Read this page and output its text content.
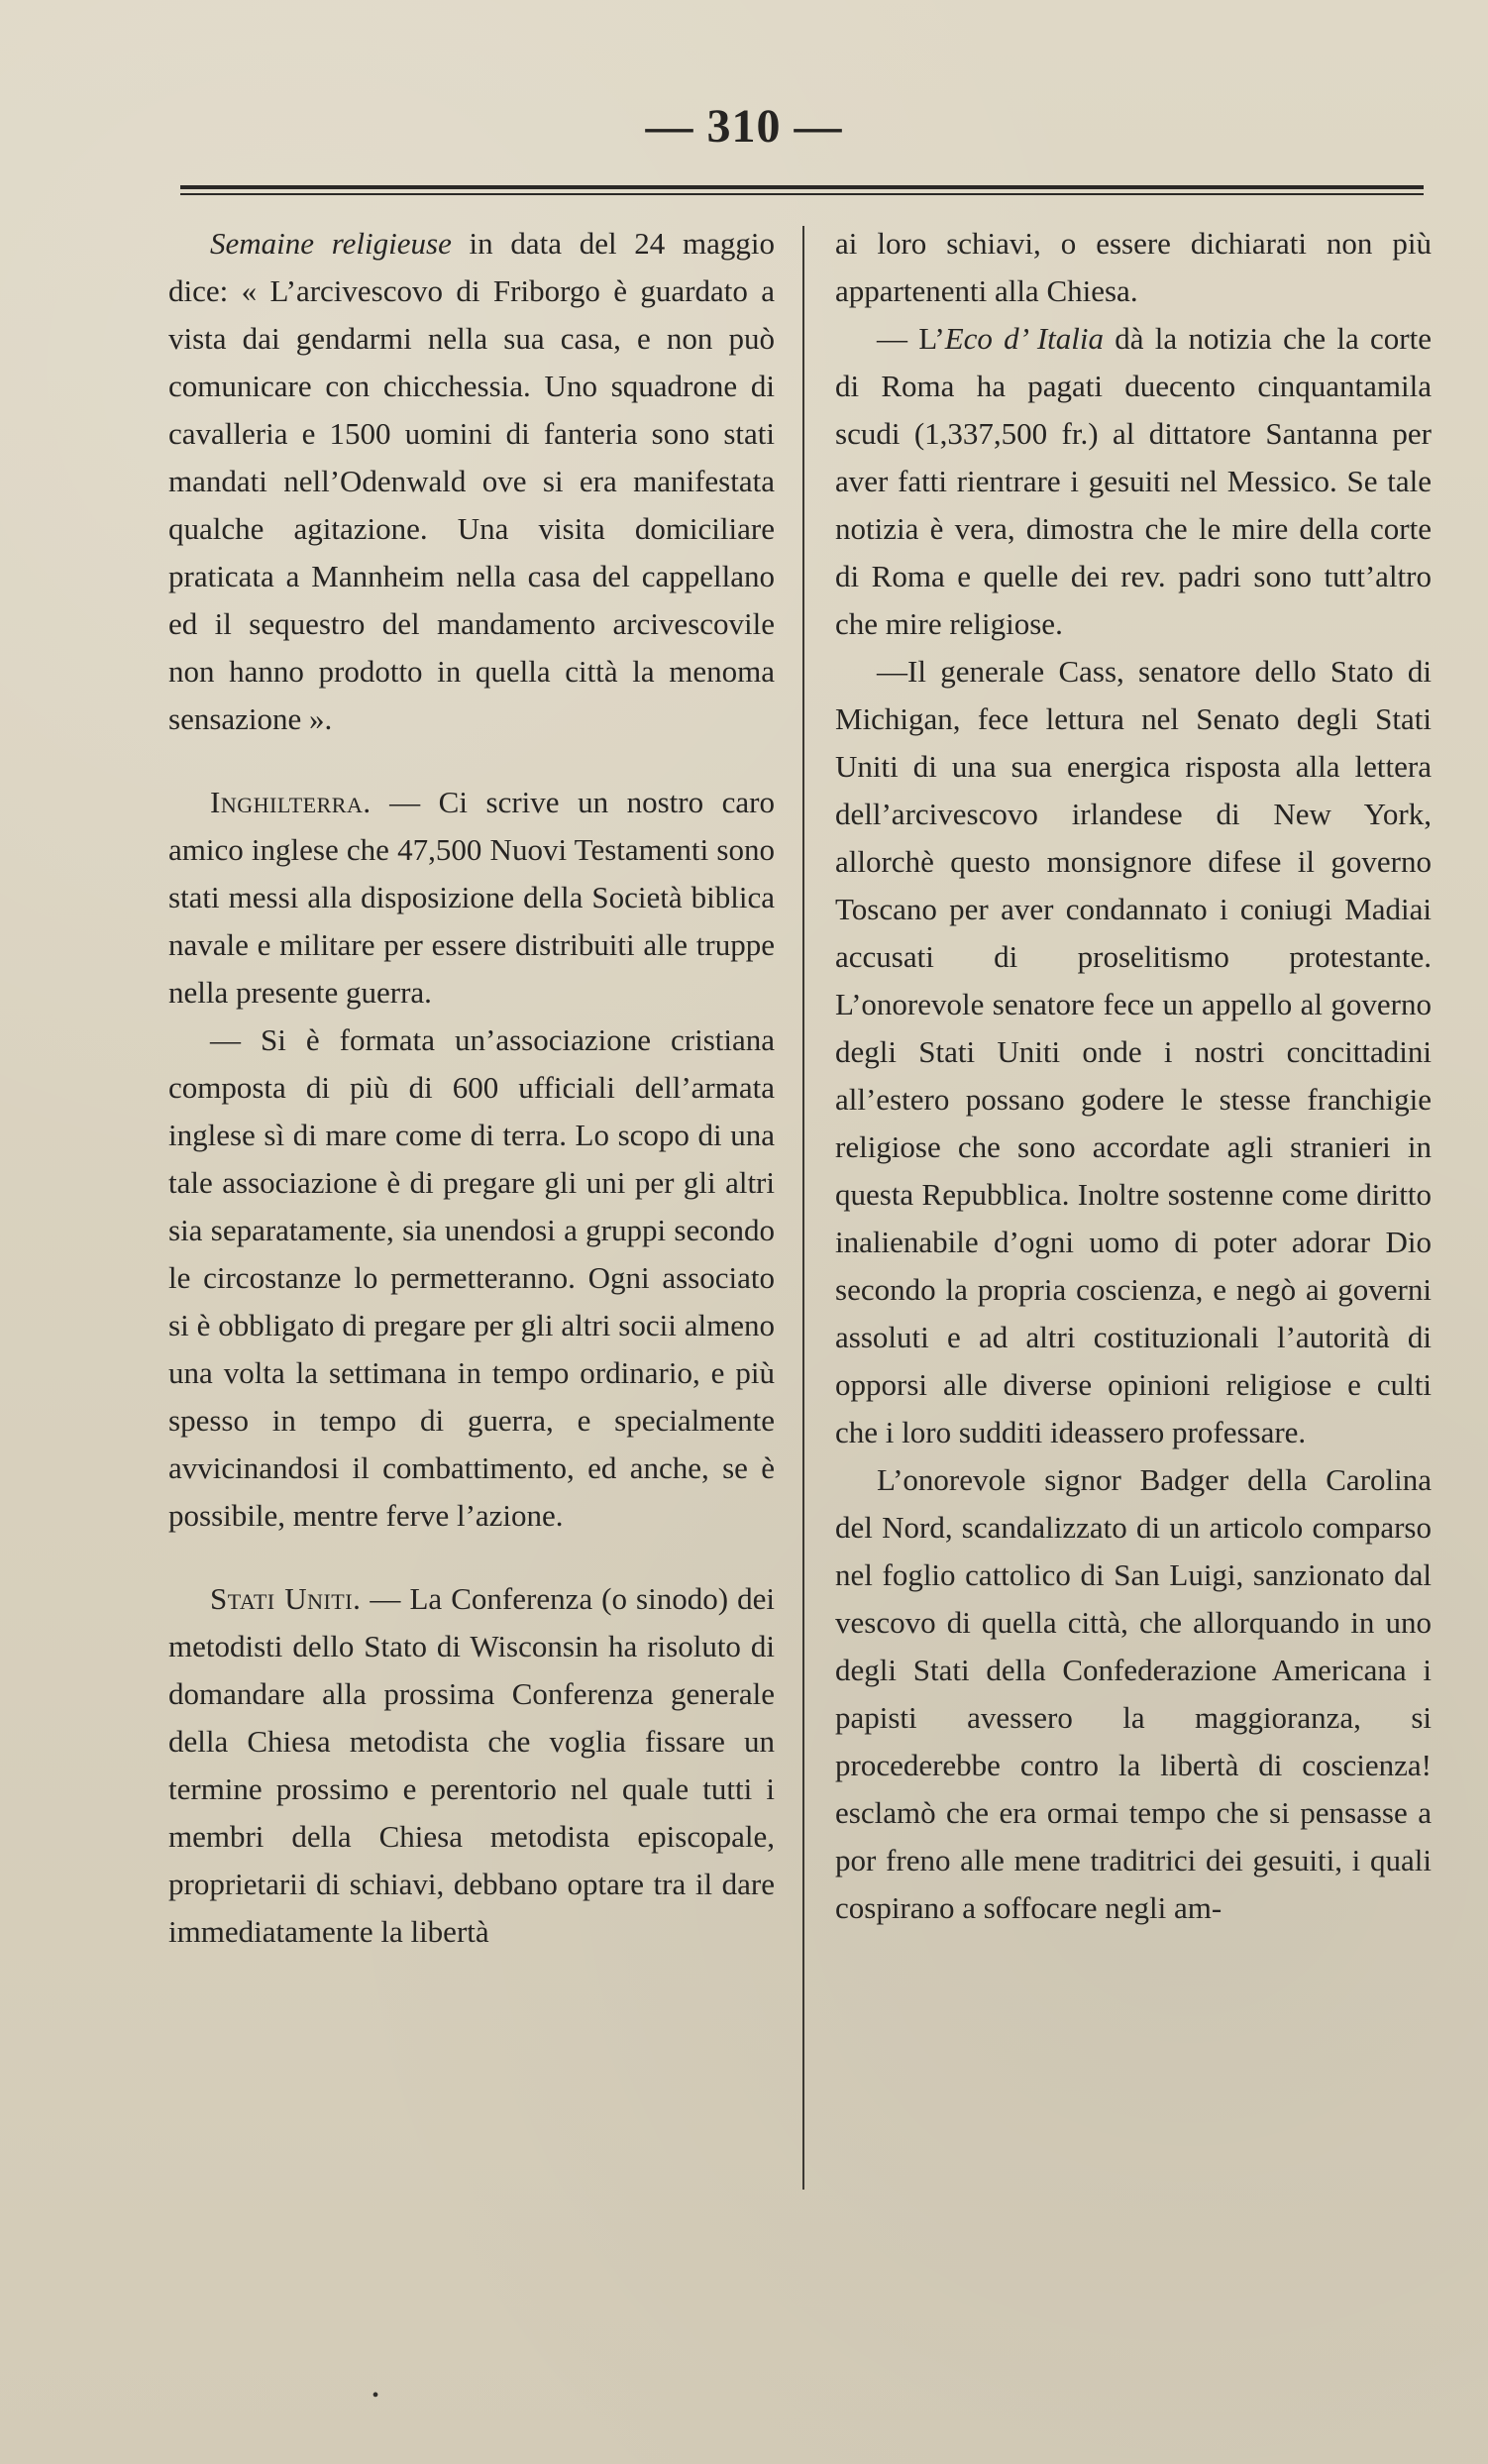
— 310 —

Semaine religieuse in data del 24 maggio dice: « L’arcivescovo di Friborgo è guardato a vista dai gendarmi nella sua casa, e non può comunicare con chicchessia. Uno squadrone di cavalleria e 1500 uomini di fanteria sono stati mandati nell’Odenwald ove si era manifestata qualche agitazione. Una visita domiciliare praticata a Mannheim nella casa del cappellano ed il sequestro del mandamento arcivescovile non hanno prodotto in quella città la menoma sensazione ».

Inghilterra. — Ci scrive un nostro caro amico inglese che 47,500 Nuovi Testamenti sono stati messi alla disposizione della Società biblica navale e militare per essere distribuiti alle truppe nella presente guerra.

— Si è formata un’associazione cristiana composta di più di 600 ufficiali dell’armata inglese sì di mare come di terra. Lo scopo di una tale associazione è di pregare gli uni per gli altri sia separatamente, sia unendosi a gruppi secondo le circostanze lo permetteranno. Ogni associato si è obbligato di pregare per gli altri socii almeno una volta la settimana in tempo ordinario, e più spesso in tempo di guerra, e specialmente avvicinandosi il combattimento, ed anche, se è possibile, mentre ferve l’azione.

Stati Uniti. — La Conferenza (o sinodo) dei metodisti dello Stato di Wisconsin ha risoluto di domandare alla prossima Conferenza generale della Chiesa metodista che voglia fissare un termine prossimo e perentorio nel quale tutti i membri della Chiesa metodista episcopale, proprietarii di schiavi, debbano optare tra il dare immediatamente la libertà

ai loro schiavi, o essere dichiarati non più appartenenti alla Chiesa.

— L’Eco d’ Italia dà la notizia che la corte di Roma ha pagati duecento cinquantamila scudi (1,337,500 fr.) al dittatore Santanna per aver fatti rientrare i gesuiti nel Messico. Se tale notizia è vera, dimostra che le mire della corte di Roma e quelle dei rev. padri sono tutt’altro che mire religiose.

—Il generale Cass, senatore dello Stato di Michigan, fece lettura nel Senato degli Stati Uniti di una sua energica risposta alla lettera dell’arcivescovo irlandese di New York, allorchè questo monsignore difese il governo Toscano per aver condannato i coniugi Madiai accusati di proselitismo protestante. L’onorevole senatore fece un appello al governo degli Stati Uniti onde i nostri concittadini all’estero possano godere le stesse franchigie religiose che sono accordate agli stranieri in questa Repubblica. Inoltre sostenne come diritto inalienabile d’ogni uomo di poter adorar Dio secondo la propria coscienza, e negò ai governi assoluti e ad altri costituzionali l’autorità di opporsi alle diverse opinioni religiose e culti che i loro sudditi ideassero professare.

L’onorevole signor Badger della Carolina del Nord, scandalizzato di un articolo comparso nel foglio cattolico di San Luigi, sanzionato dal vescovo di quella città, che allorquando in uno degli Stati della Confederazione Americana i papisti avessero la maggioranza, si procederebbe contro la libertà di coscienza! esclamò che era ormai tempo che si pensasse a por freno alle mene traditrici dei gesuiti, i quali cospirano a soffocare negli am-

•
